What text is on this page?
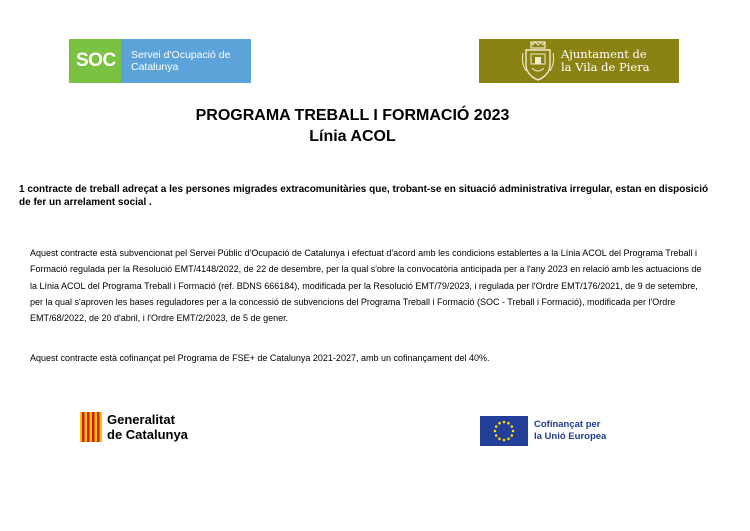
SOC Servei d'Ocupació de Catalunya
Ajuntament de
la Vila de Piera
PROGRAMA TREBALL I FORMACIÓ 2023
Línia ACOL
1 contracte de treball adreçat a les persones migrades extracomunitàries que, trobant-se en situació administrativa irregular, estan en disposició de fer un arrelament social .
Aquest contracte està subvencionat pel Servei Públic d'Ocupació de Catalunya i efectuat d'acord amb les condicions establertes a la Línia ACOL del Programa Treball i Formació regulada per la Resolució EMT/4148/2022, de 22 de desembre, per la qual s'obre la convocatòria anticipada per a l'any 2023 en relació amb les actuacions de la Línia ACOL del Programa Treball i Formació (ref. BDNS 666184), modificada per la Resolució EMT/79/2023, i regulada per l'Ordre EMT/176/2021, de 9 de setembre, per la qual s'aproven les bases reguladores per a la concessió de subvencions del Programa Treball i Formació (SOC - Treball i Formació), modificada per l'Ordre EMT/68/2022, de 20 d'abril, i l'Ordre EMT/2/2023, de 5 de gener.
Aquest contracte està cofinançat pel Programa de FSE+ de Catalunya 2021-2027, amb un cofinançament del 40%.
Generalitat
de Catalunya
Cofinançat per
la Unió Europea
